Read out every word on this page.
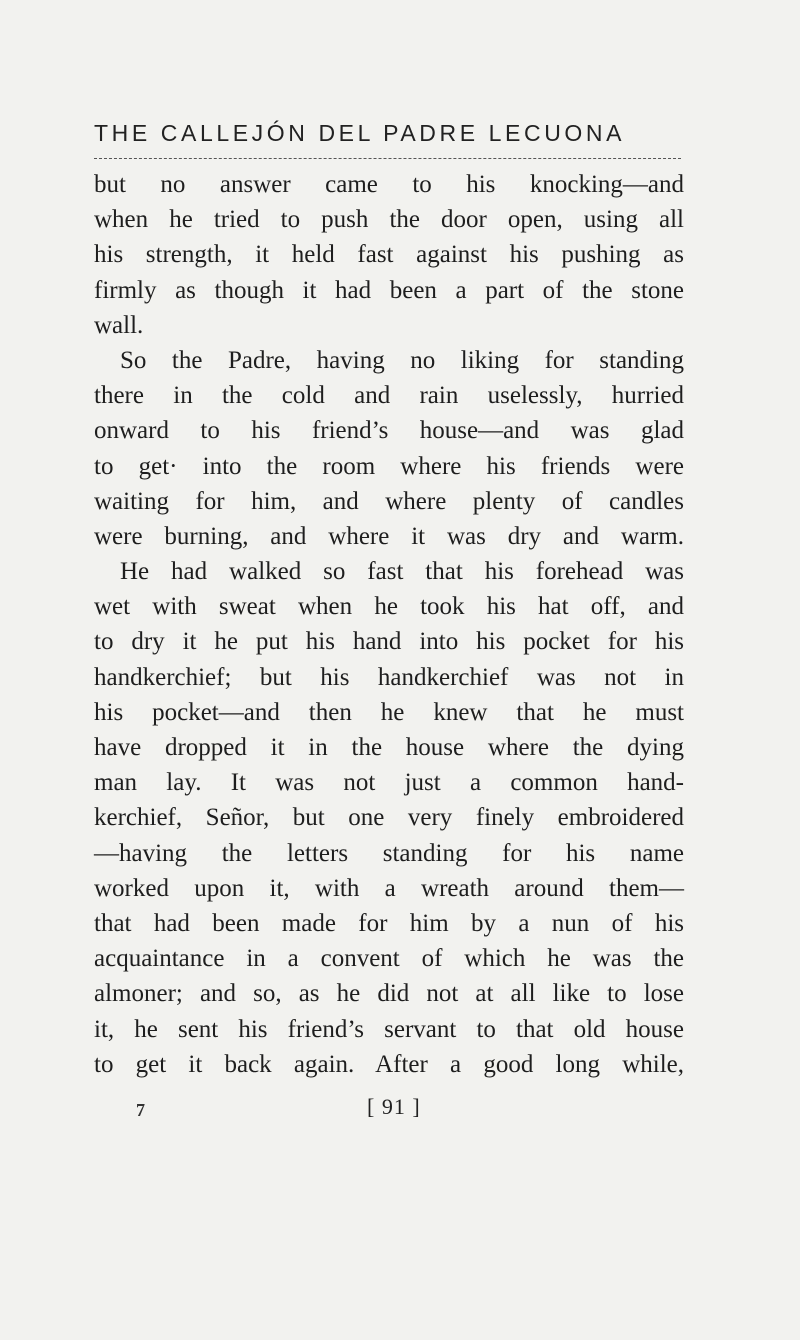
THE CALLEJÓN DEL PADRE LECUONA
but no answer came to his knocking—and
when he tried to push the door open, using all
his strength, it held fast against his pushing as
firmly as though it had been a part of the stone
wall.
So the Padre, having no liking for standing
there in the cold and rain uselessly, hurried
onward to his friend’s house—and was glad
to get· into the room where his friends were
waiting for him, and where plenty of candles
were burning, and where it was dry and warm.
He had walked so fast that his forehead was
wet with sweat when he took his hat off, and
to dry it he put his hand into his pocket for his
handkerchief; but his handkerchief was not in
his pocket—and then he knew that he must
have dropped it in the house where the dying
man lay. It was not just a common hand-
kerchief, Señor, but one very finely embroidered
—having the letters standing for his name
worked upon it, with a wreath around them—
that had been made for him by a nun of his
acquaintance in a convent of which he was the
almoner; and so, as he did not at all like to lose
it, he sent his friend’s servant to that old house
to get it back again. After a good long while,
7	[ 91 ]
